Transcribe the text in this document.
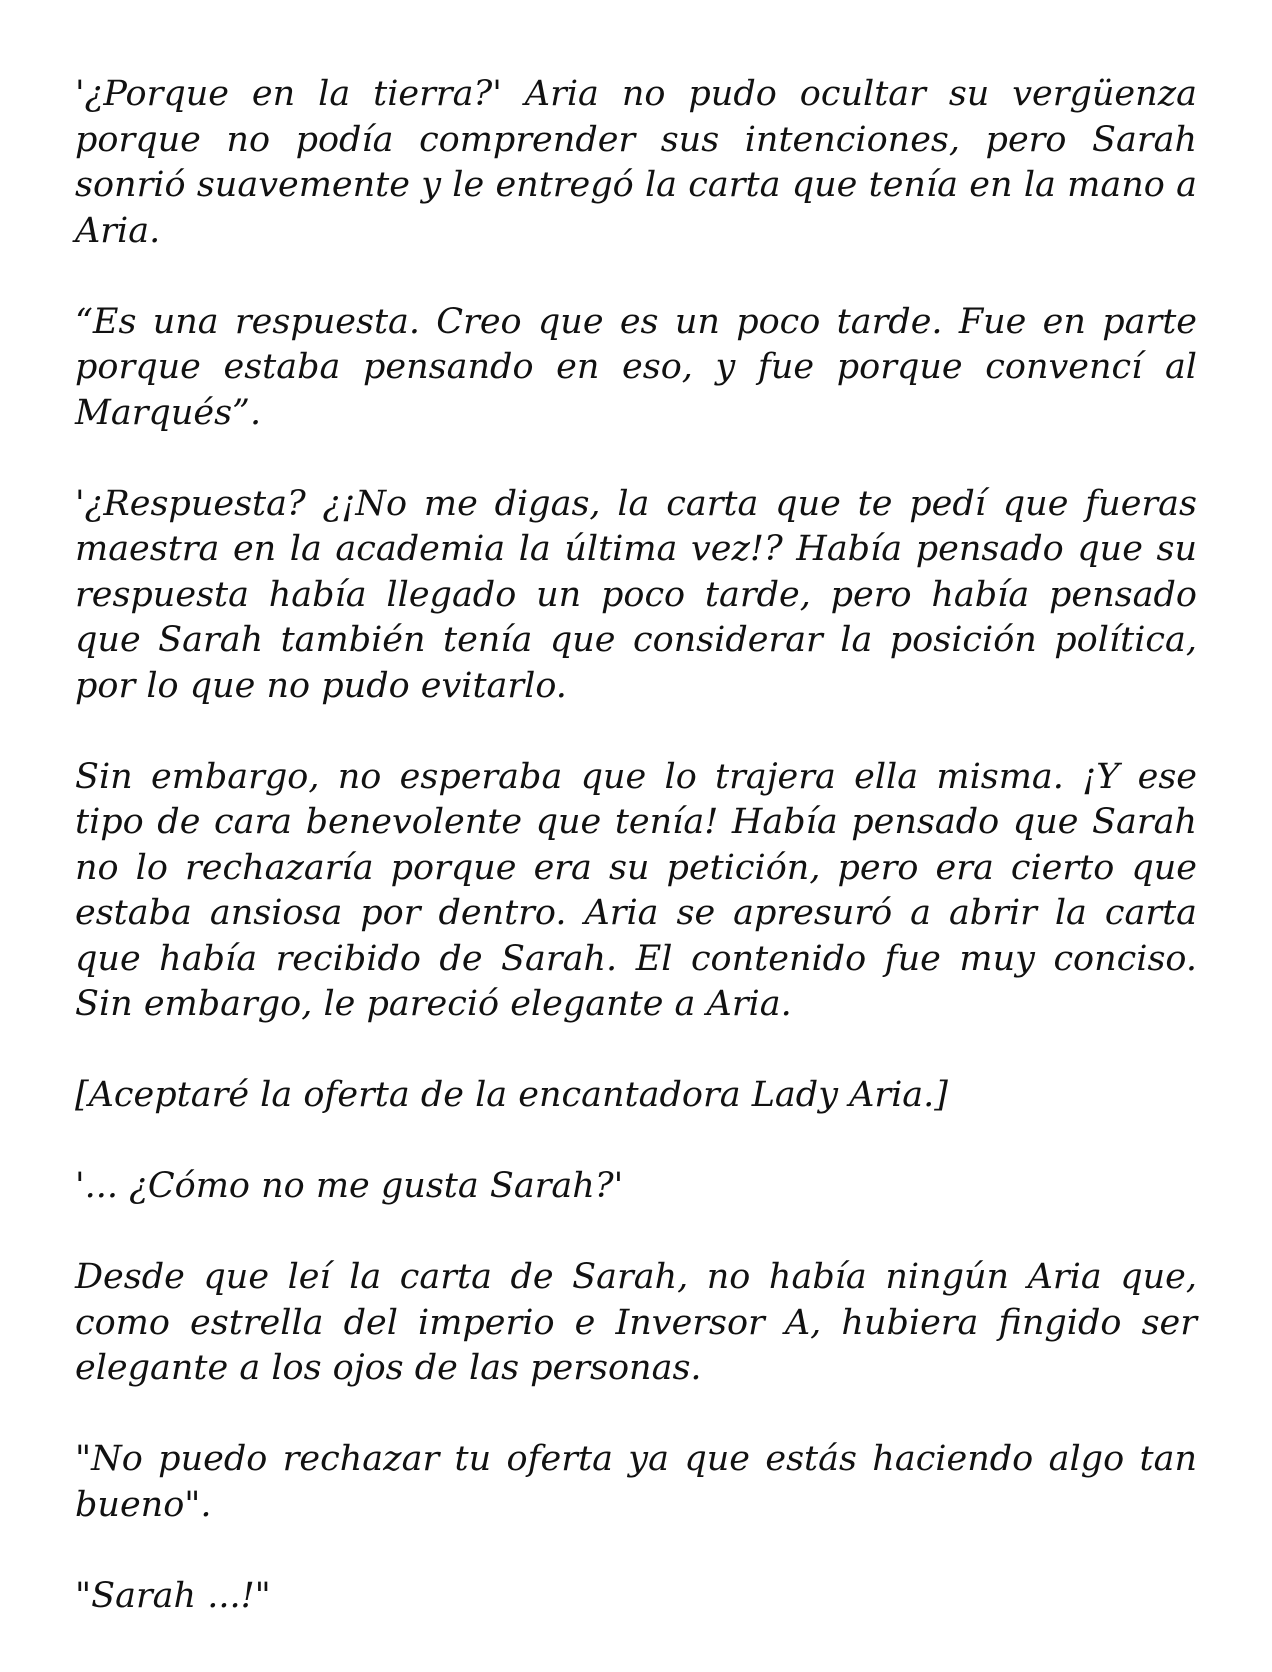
'¿Porque en la tierra?' Aria no pudo ocultar su vergüenza porque no podía comprender sus intenciones, pero Sarah sonrió suavemente y le entregó la carta que tenía en la mano a Aria.

“Es una respuesta. Creo que es un poco tarde. Fue en parte porque estaba pensando en eso, y fue porque convencí al Marqués”.

'¿Respuesta? ¿¡No me digas, la carta que te pedí que fueras maestra en la academia la última vez!? Había pensado que su respuesta había llegado un poco tarde, pero había pensado que Sarah también tenía que considerar la posición política, por lo que no pudo evitarlo.

Sin embargo, no esperaba que lo trajera ella misma. ¡Y ese tipo de cara benevolente que tenía! Había pensado que Sarah no lo rechazaría porque era su petición, pero era cierto que estaba ansiosa por dentro. Aria se apresuró a abrir la carta que había recibido de Sarah. El contenido fue muy conciso. Sin embargo, le pareció elegante a Aria.

[Aceptaré la oferta de la encantadora Lady Aria.]

'... ¿Cómo no me gusta Sarah?'

Desde que leí la carta de Sarah, no había ningún Aria que, como estrella del imperio e Inversor A, hubiera fingido ser elegante a los ojos de las personas.

"No puedo rechazar tu oferta ya que estás haciendo algo tan bueno".

"Sarah ...!"
